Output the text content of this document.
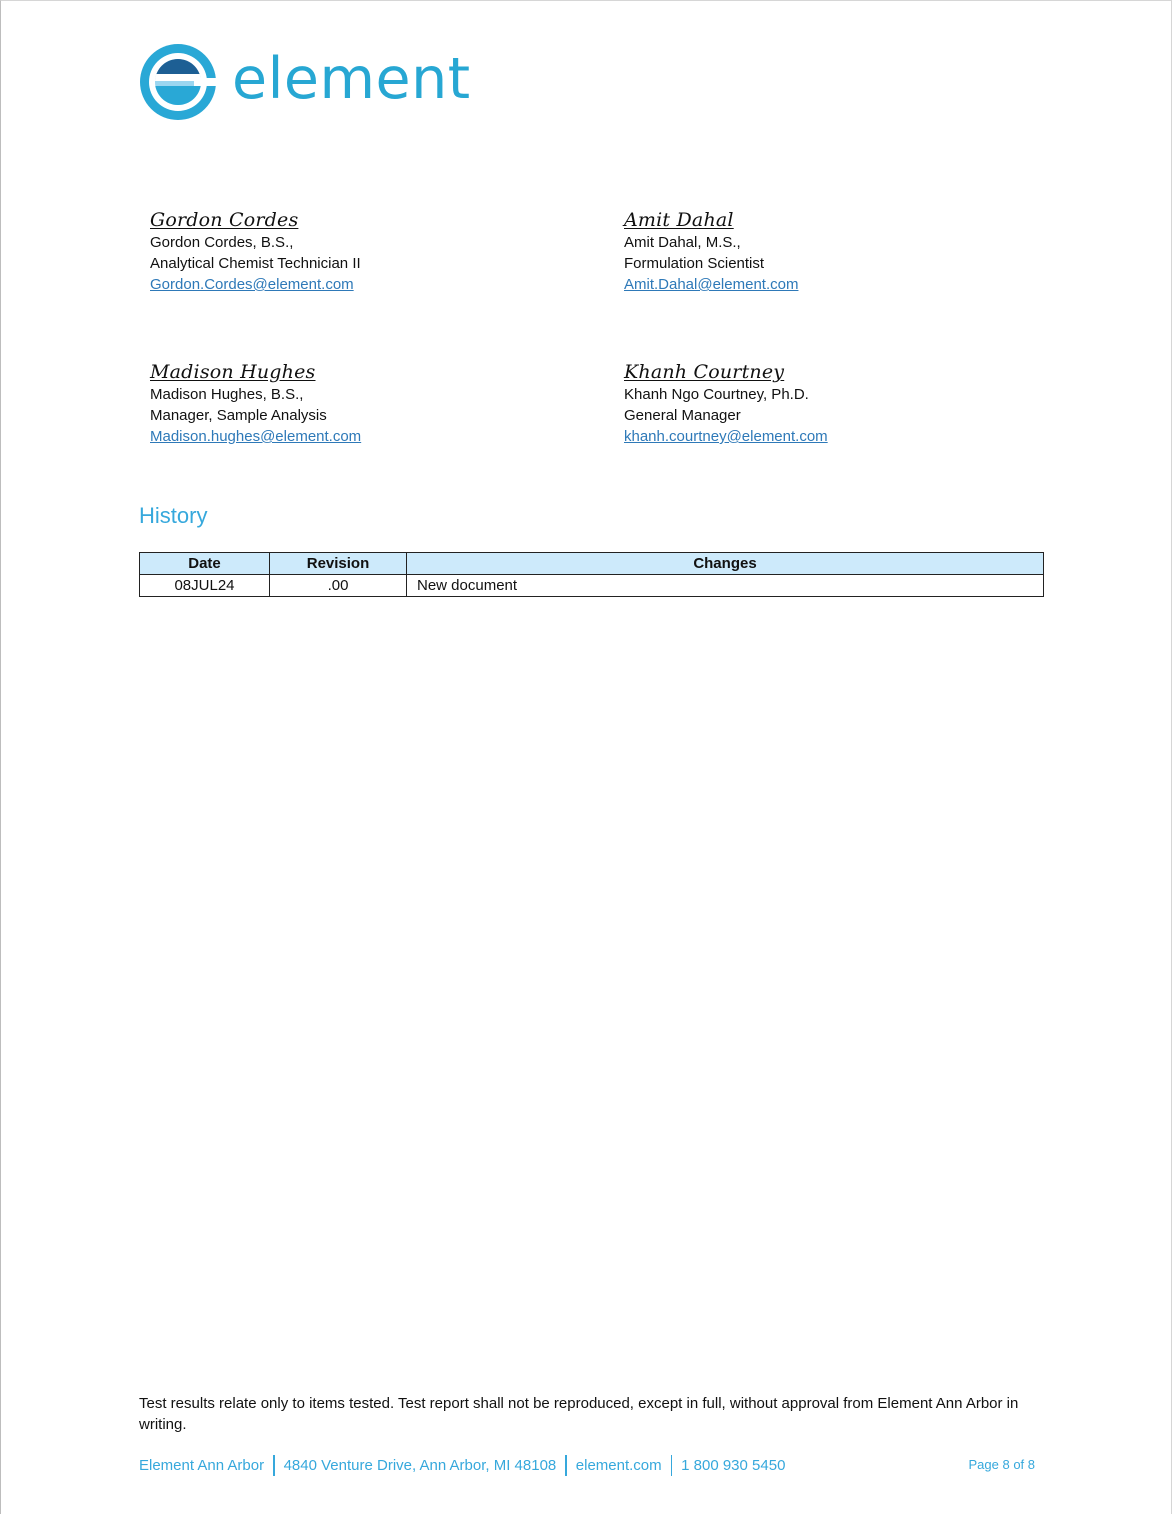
element
Gordon Cordes
Gordon Cordes, B.S.,
Analytical Chemist Technician II
Gordon.Cordes@element.com
Amit Dahal
Amit Dahal, M.S.,
Formulation Scientist
Amit.Dahal@element.com
Madison Hughes
Madison Hughes, B.S.,
Manager, Sample Analysis
Madison.hughes@element.com
Khanh Courtney
Khanh Ngo Courtney, Ph.D.
General Manager
khanh.courtney@element.com
History
Date	Revision	Changes
08JUL24	.00	New document
Test results relate only to items tested. Test report shall not be reproduced, except in full, without approval from Element Ann Arbor in writing.
Element Ann Arbor 4840 Venture Drive, Ann Arbor, MI 48108 element.com 1 800 930 5450	Page 8 of 8
